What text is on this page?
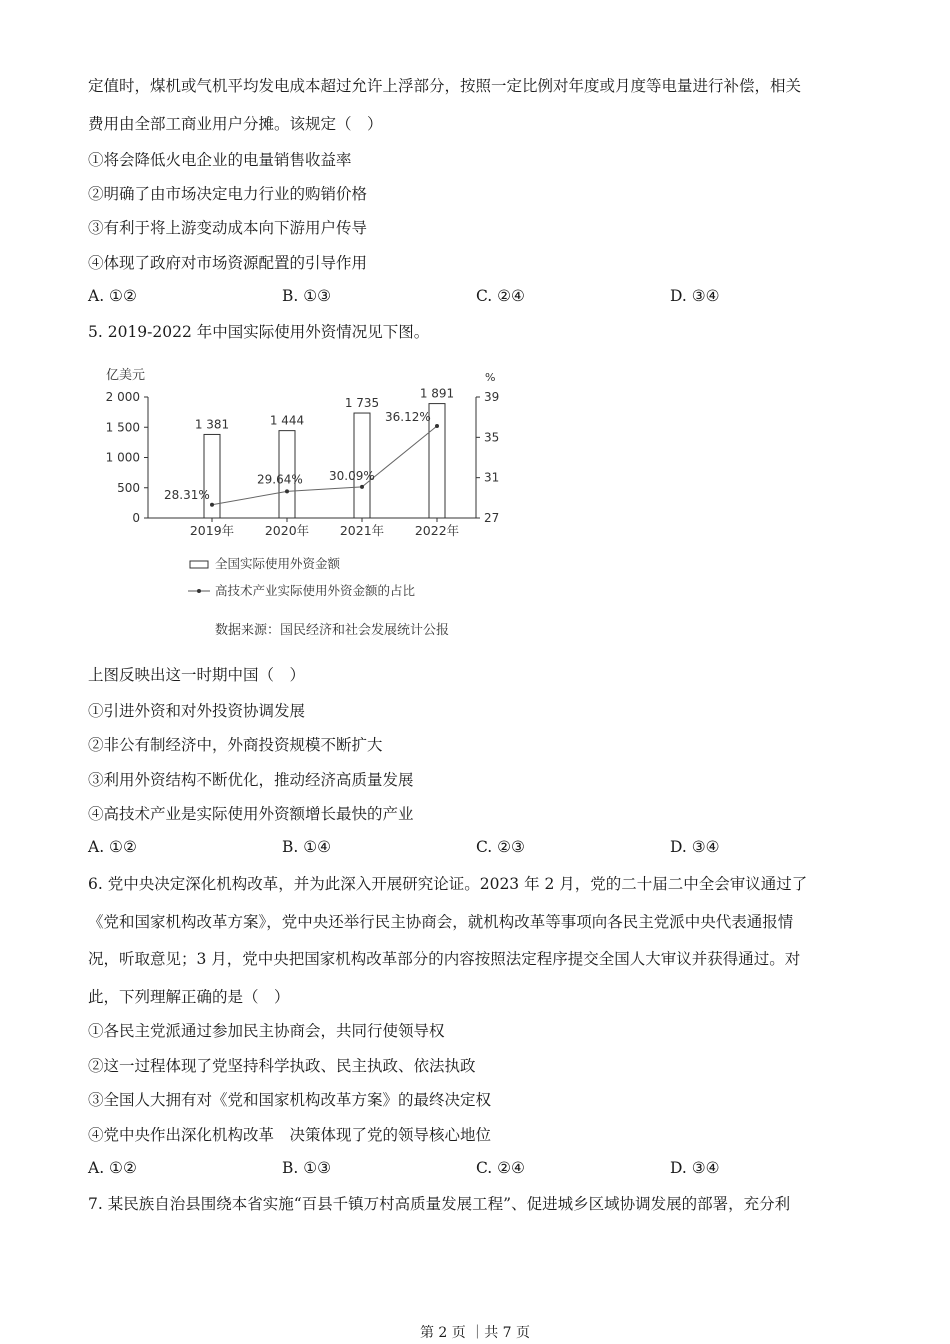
定值时，煤机或气机平均发电成本超过允许上浮部分，按照一定比例对年度或月度等电量进行补偿，相关
费用由全部工商业用户分摊。该规定（　）
①将会降低火电企业的电量销售收益率
②明确了由市场决定电力行业的购销价格
③有利于将上游变动成本向下游用户传导
④体现了政府对市场资源配置的引导作用
A. ①②	B. ①③	C. ②④	D. ③④
5. 2019-2022 年中国实际使用外资情况见下图。
亿美元	%
0
500
1 000
1 500
2 000
27
31
35
39
1 381	1 444
1 735
1 891
2019年 2020年 2021年 2022年
28.31%
29.64% 30.09%
36.12%
全国实际使用外资金额
高技术产业实际使用外资金额的占比
数据来源：国民经济和社会发展统计公报
上图反映出这一时期中国（　）
①引进外资和对外投资协调发展
②非公有制经济中，外商投资规模不断扩大
③利用外资结构不断优化，推动经济高质量发展
④高技术产业是实际使用外资额增长最快的产业
A. ①②	B. ①④	C. ②③	D. ③④
6. 党中央决定深化机构改革，并为此深入开展研究论证。2023 年 2 月，党的二十届二中全会审议通过了
《党和国家机构改革方案》，党中央还举行民主协商会，就机构改革等事项向各民主党派中央代表通报情
况，听取意见；3 月，党中央把国家机构改革部分的内容按照法定程序提交全国人大审议并获得通过。对
此，下列理解正确的是（　）
①各民主党派通过参加民主协商会，共同行使领导权
②这一过程体现了党坚持科学执政、民主执政、依法执政
③全国人大拥有对《党和国家机构改革方案》的最终决定权
④党中央作出深化机构改革　决策体现了党的领导核心地位
A. ①②	B. ①③	C. ②④	D. ③④
7. 某民族自治县围绕本省实施“百县千镇万村高质量发展工程”、促进城乡区域协调发展的部署，充分利
第 2 页 ｜共 7 页
